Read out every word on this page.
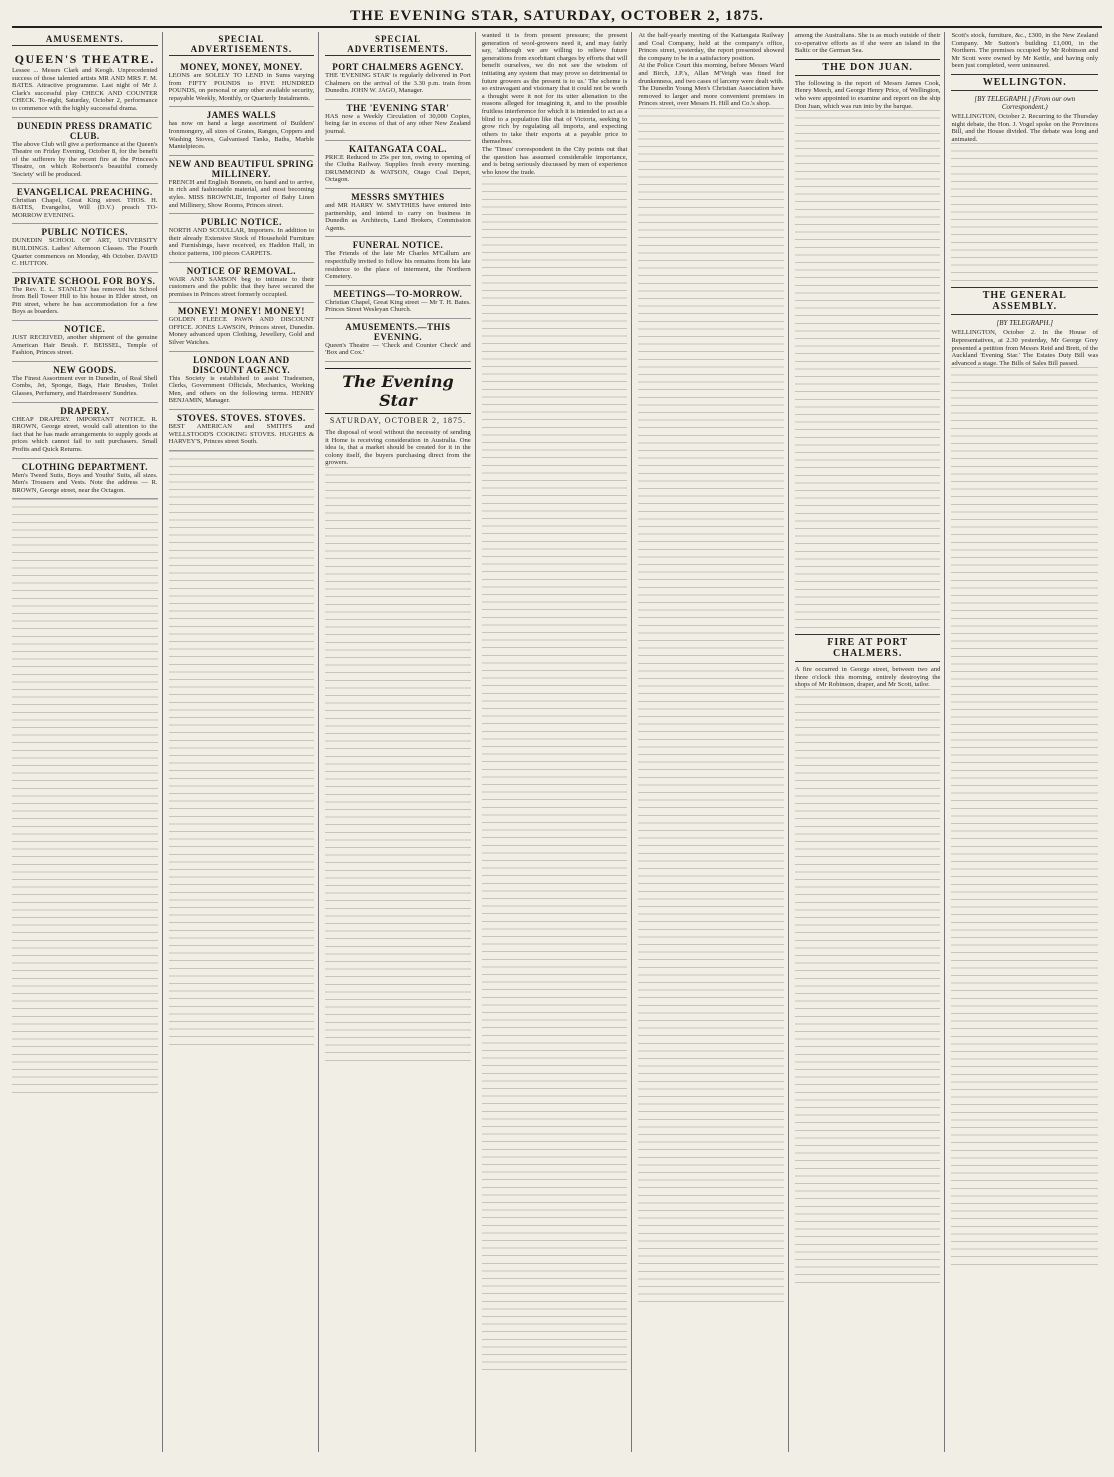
THE EVENING STAR, SATURDAY, OCTOBER 2, 1875.
AMUSEMENTS.
QUEEN'S THEATRE.

Lessee ... Messrs Clark and Keogh. Unprecedented success of those talented artists MR AND MRS F. M. BATES. Attractive programme. Last night of Mr J. Clark's successful play CHECK AND COUNTER CHECK. To-night, Saturday, October 2, performance to commence with the highly successful drama.

DUNEDIN PRESS DRAMATIC CLUB.

The above Club will give a performance at the Queen's Theatre on Friday Evening, October 8, for the benefit of the sufferers by the recent fire at the Princess's Theatre, on which Robertson's beautiful comedy 'Society' will be produced.

EVANGELICAL PREACHING.

Christian Chapel, Great King street. THOS. H. BATES, Evangelist, Will (D.V.) preach TO-MORROW EVENING.

PUBLIC NOTICES.

DUNEDIN SCHOOL OF ART, UNIVERSITY BUILDINGS. Ladies' Afternoon Classes. The Fourth Quarter commences on Monday, 4th October. DAVID C. HUTTON.

PRIVATE SCHOOL FOR BOYS.

The Rev. E. L. STANLEY has removed his School from Bell Tower Hill to his house in Elder street, on Pitt street, where he has accommodation for a few Boys as boarders.

NOTICE.

JUST RECEIVED, another shipment of the genuine American Hair Brush. F. BEISSEL, Temple of Fashion, Princes street.

NEW GOODS.

The Finest Assortment ever in Dunedin, of Real Shell Combs, Jet, Sponge, Bags, Hair Brushes, Toilet Glasses, Perfumery, and Hairdressers' Sundries.

DRAPERY.

CHEAP DRAPERY. IMPORTANT NOTICE. R. BROWN, George street, would call attention to the fact that he has made arrangements to supply goods at prices which cannot fail to suit purchasers. Small Profits and Quick Returns.

CLOTHING DEPARTMENT.

Men's Tweed Suits, Boys and Youths' Suits, all sizes. Men's Trousers and Vests. Note the address — R. BROWN, George street, near the Octagon.

SPECIAL ADVERTISEMENTS.
MONEY, MONEY, MONEY.

LEONS are SOLELY TO LEND in Sums varying from FIFTY POUNDS to FIVE HUNDRED POUNDS, on personal or any other available security, repayable Weekly, Monthly, or Quarterly Instalments.

JAMES WALLS

has now on hand a large assortment of Builders' Ironmongery, all sizes of Grates, Ranges, Coppers and Washing Stoves, Galvanised Tanks, Baths, Marble Mantelpieces.

NEW AND BEAUTIFUL SPRING MILLINERY.

FRENCH and English Bonnets, on hand and to arrive, in rich and fashionable material, and most becoming styles. MISS BROWNLIE, Importer of Baby Linen and Millinery, Show Rooms, Princes street.

PUBLIC NOTICE.

NORTH AND SCOULLAR, Importers. In addition to their already Extensive Stock of Household Furniture and Furnishings, have received, ex Haddon Hall, in choice patterns, 100 pieces CARPETS.

NOTICE OF REMOVAL.

WAIR AND SAMSON beg to intimate to their customers and the public that they have secured the premises in Princes street formerly occupied.

MONEY! MONEY! MONEY!

GOLDEN FLEECE PAWN AND DISCOUNT OFFICE. JONES LAWSON, Princes street, Dunedin. Money advanced upon Clothing, Jewellery, Gold and Silver Watches.

LONDON LOAN AND DISCOUNT AGENCY.

This Society is established to assist Tradesmen, Clerks, Government Officials, Mechanics, Working Men, and others on the following terms. HENRY BENJAMIN, Manager.

STOVES. STOVES. STOVES.

BEST AMERICAN and SMITH'S and WELLSTOOD'S COOKING STOVES. HUGHES & HARVEY'S, Princes street South.

SPECIAL ADVERTISEMENTS.
PORT CHALMERS AGENCY.

THE 'EVENING STAR' is regularly delivered in Port Chalmers on the arrival of the 3.30 p.m. train from Dunedin. JOHN W. JAGO, Manager.

THE 'EVENING STAR'

HAS now a Weekly Circulation of 30,000 Copies, being far in excess of that of any other New Zealand journal.

KAITANGATA COAL.

PRICE Reduced to 25s per ton, owing to opening of the Clutha Railway. Supplies fresh every morning. DRUMMOND & WATSON, Otago Coal Depot, Octagon.

MESSRS SMYTHIES

and MR HARRY W. SMYTHIES have entered into partnership, and intend to carry on business in Dunedin as Architects, Land Brokers, Commission Agents.

FUNERAL NOTICE.

The Friends of the late Mr Charles M'Callum are respectfully invited to follow his remains from his late residence to the place of interment, the Northern Cemetery.

MEETINGS—TO-MORROW.

Christian Chapel, Great King street — Mr T. H. Bates. Princes Street Wesleyan Church.

AMUSEMENTS.—THIS EVENING.

Queen's Theatre — 'Check and Counter Check' and 'Box and Cox.'

The Evening Star
SATURDAY, OCTOBER 2, 1875.

The disposal of wool without the necessity of sending it Home is receiving consideration in Australia. One idea is, that a market should be created for it in the colony itself, the buyers purchasing direct from the growers.

wanted it is from present pressure; the present generation of wool-growers need it, and may fairly say, 'although we are willing to relieve future generations from exorbitant charges by efforts that will benefit ourselves, we do not see the wisdom of initiating any system that may prove so detrimental to future growers as the present is to us.' The scheme is so extravagant and visionary that it could not be worth a thought were it not for its utter alienation to the reasons alleged for imagining it, and to the possible fruitless interference for which it is intended to act as a blind to a population like that of Victoria, seeking to grow rich by regulating all imports, and expecting others to take their exports at a payable price to themselves.

The 'Times' correspondent in the City points out that the question has assumed considerable importance, and is being seriously discussed by men of experience who know the trade.

At the half-yearly meeting of the Kaitangata Railway and Coal Company, held at the company's office, Princes street, yesterday, the report presented showed the company to be in a satisfactory position.

At the Police Court this morning, before Messrs Ward and Birch, J.P.'s, Allan M'Veigh was fined for drunkenness, and two cases of larceny were dealt with.

The Dunedin Young Men's Christian Association have removed to larger and more convenient premises in Princes street, over Messrs H. Hill and Co.'s shop.

among the Australians. She is as much outside of their co-operative efforts as if she were an island in the Baltic or the German Sea.

THE DON JUAN.

The following is the report of Messrs James Cook, Henry Meech, and George Henry Price, of Wellington, who were appointed to examine and report on the ship Don Juan, which was run into by the barque.

FIRE AT PORT CHALMERS.

A fire occurred in George street, between two and three o'clock this morning, entirely destroying the shops of Mr Robinson, draper, and Mr Scott, tailor.

Scott's stock, furniture, &c., £300, in the New Zealand Company. Mr Sutton's building £1,000, in the Northern. The premises occupied by Mr Robinson and Mr Scott were owned by Mr Kettle, and having only been just completed, were uninsured.

WELLINGTON.
[BY TELEGRAPH.] (From our own Correspondent.)

WELLINGTON, October 2. Recurring to the Thursday night debate, the Hon. J. Vogel spoke on the Provinces Bill, and the House divided. The debate was long and animated.

THE GENERAL ASSEMBLY.
[BY TELEGRAPH.]

WELLINGTON, October 2. In the House of Representatives, at 2.30 yesterday, Mr George Grey presented a petition from Messrs Reid and Brett, of the Auckland 'Evening Star.' The Estates Duty Bill was advanced a stage. The Bills of Sales Bill passed.
